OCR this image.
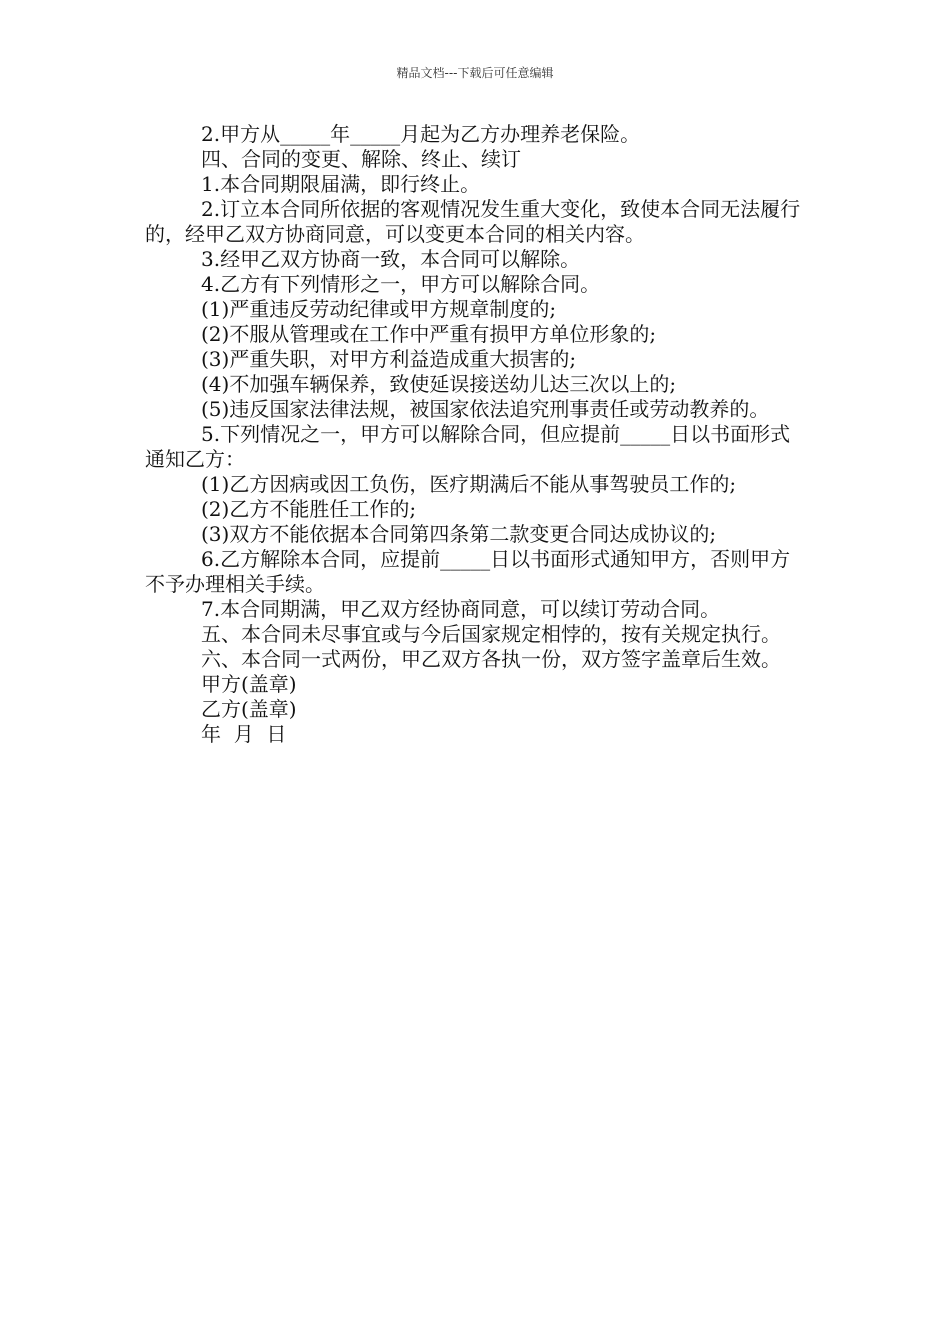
精品文档---下载后可任意编辑

2.甲方从_____年_____月起为乙方办理养老保险。

四、合同的变更、解除、终止、续订

1.本合同期限届满，即行终止。

2.订立本合同所依据的客观情况发生重大变化，致使本合同无法履行的，经甲乙双方协商同意，可以变更本合同的相关内容。

3.经甲乙双方协商一致，本合同可以解除。

4.乙方有下列情形之一，甲方可以解除合同。

(1)严重违反劳动纪律或甲方规章制度的;

(2)不服从管理或在工作中严重有损甲方单位形象的;

(3)严重失职，对甲方利益造成重大损害的;

(4)不加强车辆保养，致使延误接送幼儿达三次以上的;

(5)违反国家法律法规，被国家依法追究刑事责任或劳动教养的。

5.下列情况之一，甲方可以解除合同，但应提前_____日以书面形式通知乙方：

(1)乙方因病或因工负伤，医疗期满后不能从事驾驶员工作的;

(2)乙方不能胜任工作的;

(3)双方不能依据本合同第四条第二款变更合同达成协议的;

6.乙方解除本合同，应提前_____日以书面形式通知甲方，否则甲方不予办理相关手续。

7.本合同期满，甲乙双方经协商同意，可以续订劳动合同。

五、本合同未尽事宜或与今后国家规定相悖的，按有关规定执行。

六、本合同一式两份，甲乙双方各执一份，双方签字盖章后生效。

甲方(盖章)

乙方(盖章)

年  月  日
